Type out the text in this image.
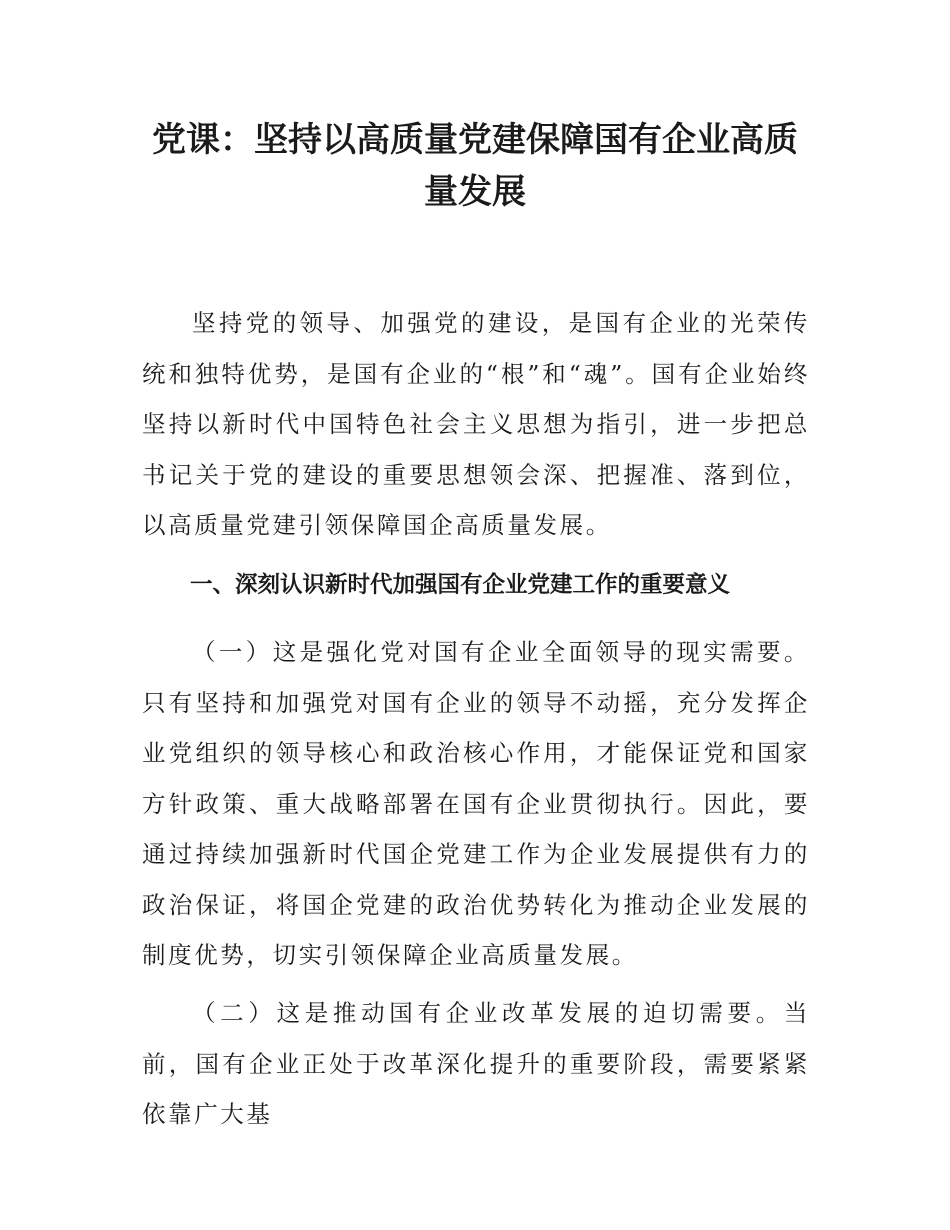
党课：坚持以高质量党建保障国有企业高质量发展

坚持党的领导、加强党的建设，是国有企业的光荣传统和独特优势，是国有企业的“根”和“魂”。国有企业始终坚持以新时代中国特色社会主义思想为指引，进一步把总书记关于党的建设的重要思想领会深、把握准、落到位，以高质量党建引领保障国企高质量发展。

一、深刻认识新时代加强国有企业党建工作的重要意义

（一）这是强化党对国有企业全面领导的现实需要。只有坚持和加强党对国有企业的领导不动摇，充分发挥企业党组织的领导核心和政治核心作用，才能保证党和国家方针政策、重大战略部署在国有企业贯彻执行。因此，要通过持续加强新时代国企党建工作为企业发展提供有力的政治保证，将国企党建的政治优势转化为推动企业发展的制度优势，切实引领保障企业高质量发展。

（二）这是推动国有企业改革发展的迫切需要。当前，国有企业正处于改革深化提升的重要阶段，需要紧紧依靠广大基
